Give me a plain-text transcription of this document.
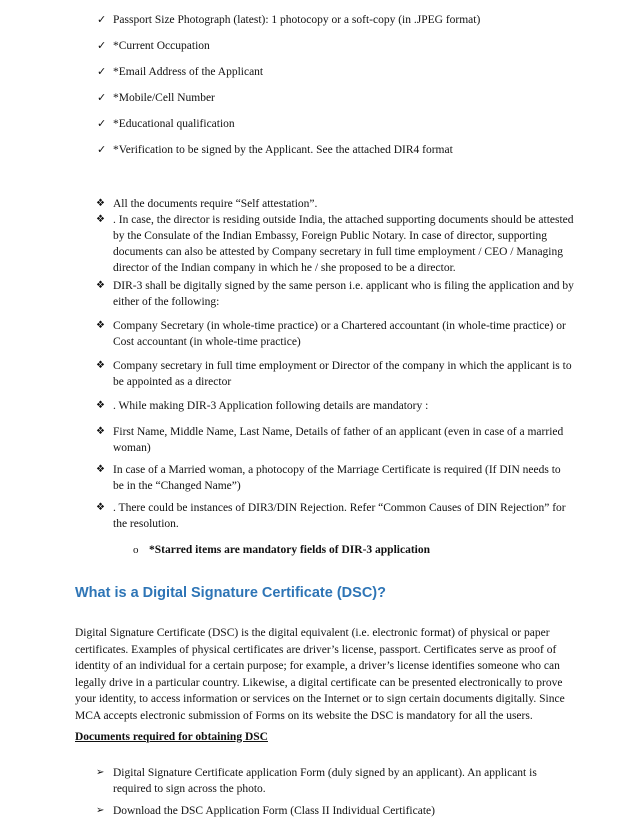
✓ Passport Size Photograph (latest): 1 photocopy or a soft-copy (in .JPEG format)
✓ *Current Occupation
✓ *Email Address of the Applicant
✓ *Mobile/Cell Number
✓ *Educational qualification
✓ *Verification to be signed by the Applicant. See the attached DIR4 format
❖ All the documents require “Self attestation”.
❖ . In case, the director is residing outside India, the attached supporting documents should be attested
by the Consulate of the Indian Embassy, Foreign Public Notary. In case of director, supporting
documents can also be attested by Company secretary in full time employment / CEO / Managing
director of the Indian company in which he / she proposed to be a director.
❖ DIR-3 shall be digitally signed by the same person i.e. applicant who is filing the application and by
either of the following:
❖ Company Secretary (in whole-time practice) or a Chartered accountant (in whole-time practice) or
Cost accountant (in whole-time practice)
❖ Company secretary in full time employment or Director of the company in which the applicant is to
be appointed as a director
❖ . While making DIR-3 Application following details are mandatory :
❖ First Name, Middle Name, Last Name, Details of father of an applicant (even in case of a married
woman)
❖ In case of a Married woman, a photocopy of the Marriage Certificate is required (If DIN needs to
be in the “Changed Name”)
❖ . There could be instances of DIR3/DIN Rejection. Refer “Common Causes of DIN Rejection” for
the resolution.
o *Starred items are mandatory fields of DIR-3 application
What is a Digital Signature Certificate (DSC)?
Digital Signature Certificate (DSC) is the digital equivalent (i.e. electronic format) of physical or paper
certificates. Examples of physical certificates are driver’s license, passport. Certificates serve as proof of
identity of an individual for a certain purpose; for example, a driver’s license identifies someone who can
legally drive in a particular country. Likewise, a digital certificate can be presented electronically to prove
your identity, to access information or services on the Internet or to sign certain documents digitally. Since
MCA accepts electronic submission of Forms on its website the DSC is mandatory for all the users.
Documents required for obtaining DSC
➢ Digital Signature Certificate application Form (duly signed by an applicant). An applicant is
required to sign across the photo.
➢ Download the DSC Application Form (Class II Individual Certificate)
